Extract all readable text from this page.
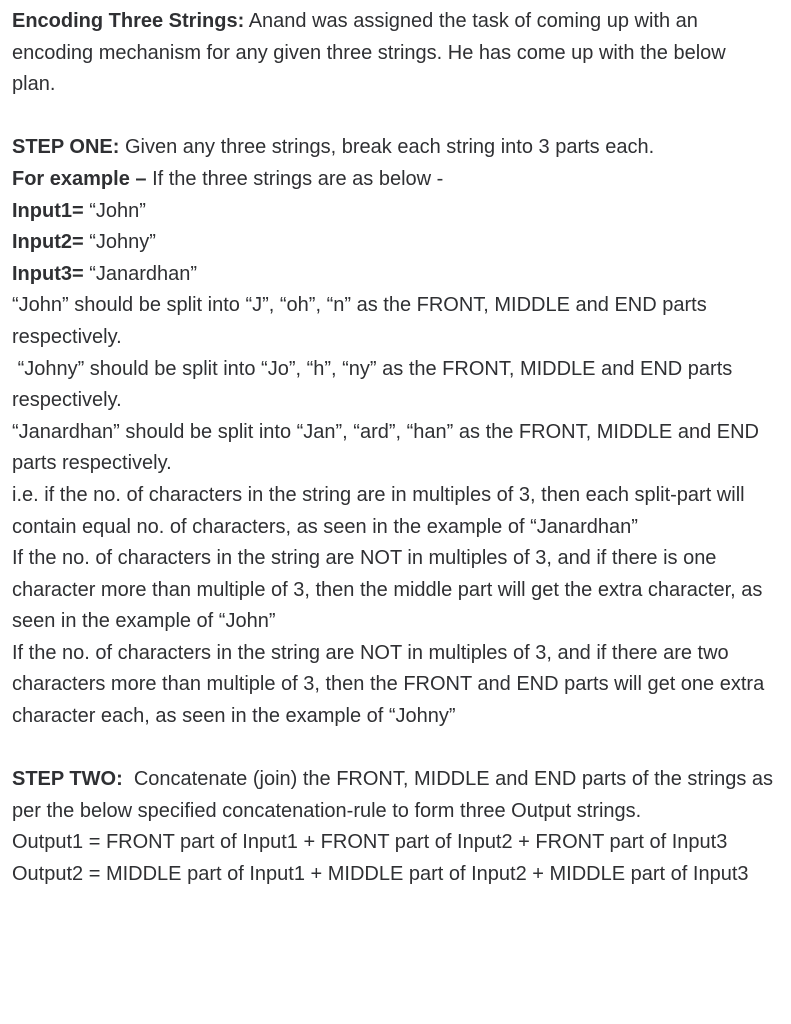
Encoding Three Strings: Anand was assigned the task of coming up with an encoding mechanism for any given three strings. He has come up with the below plan.

STEP ONE: Given any three strings, break each string into 3 parts each.

For example – If the three strings are as below -

Input1= “John”

Input2= “Johny”

Input3= “Janardhan”

“John” should be split into “J”, “oh”, “n” as the FRONT, MIDDLE and END parts respectively.

“Johny” should be split into “Jo”, “h”, “ny” as the FRONT, MIDDLE and END parts respectively.

“Janardhan” should be split into “Jan”, “ard”, “han” as the FRONT, MIDDLE and END parts respectively.

i.e. if the no. of characters in the string are in multiples of 3, then each split-part will contain equal no. of characters, as seen in the example of “Janardhan”

If the no. of characters in the string are NOT in multiples of 3, and if there is one character more than multiple of 3, then the middle part will get the extra character, as seen in the example of “John”

If the no. of characters in the string are NOT in multiples of 3, and if there are two characters more than multiple of 3, then the FRONT and END parts will get one extra character each, as seen in the example of “Johny”

STEP TWO:  Concatenate (join) the FRONT, MIDDLE and END parts of the strings as per the below specified concatenation-rule to form three Output strings.

Output1 = FRONT part of Input1 + FRONT part of Input2 + FRONT part of Input3

Output2 = MIDDLE part of Input1 + MIDDLE part of Input2 + MIDDLE part of Input3
